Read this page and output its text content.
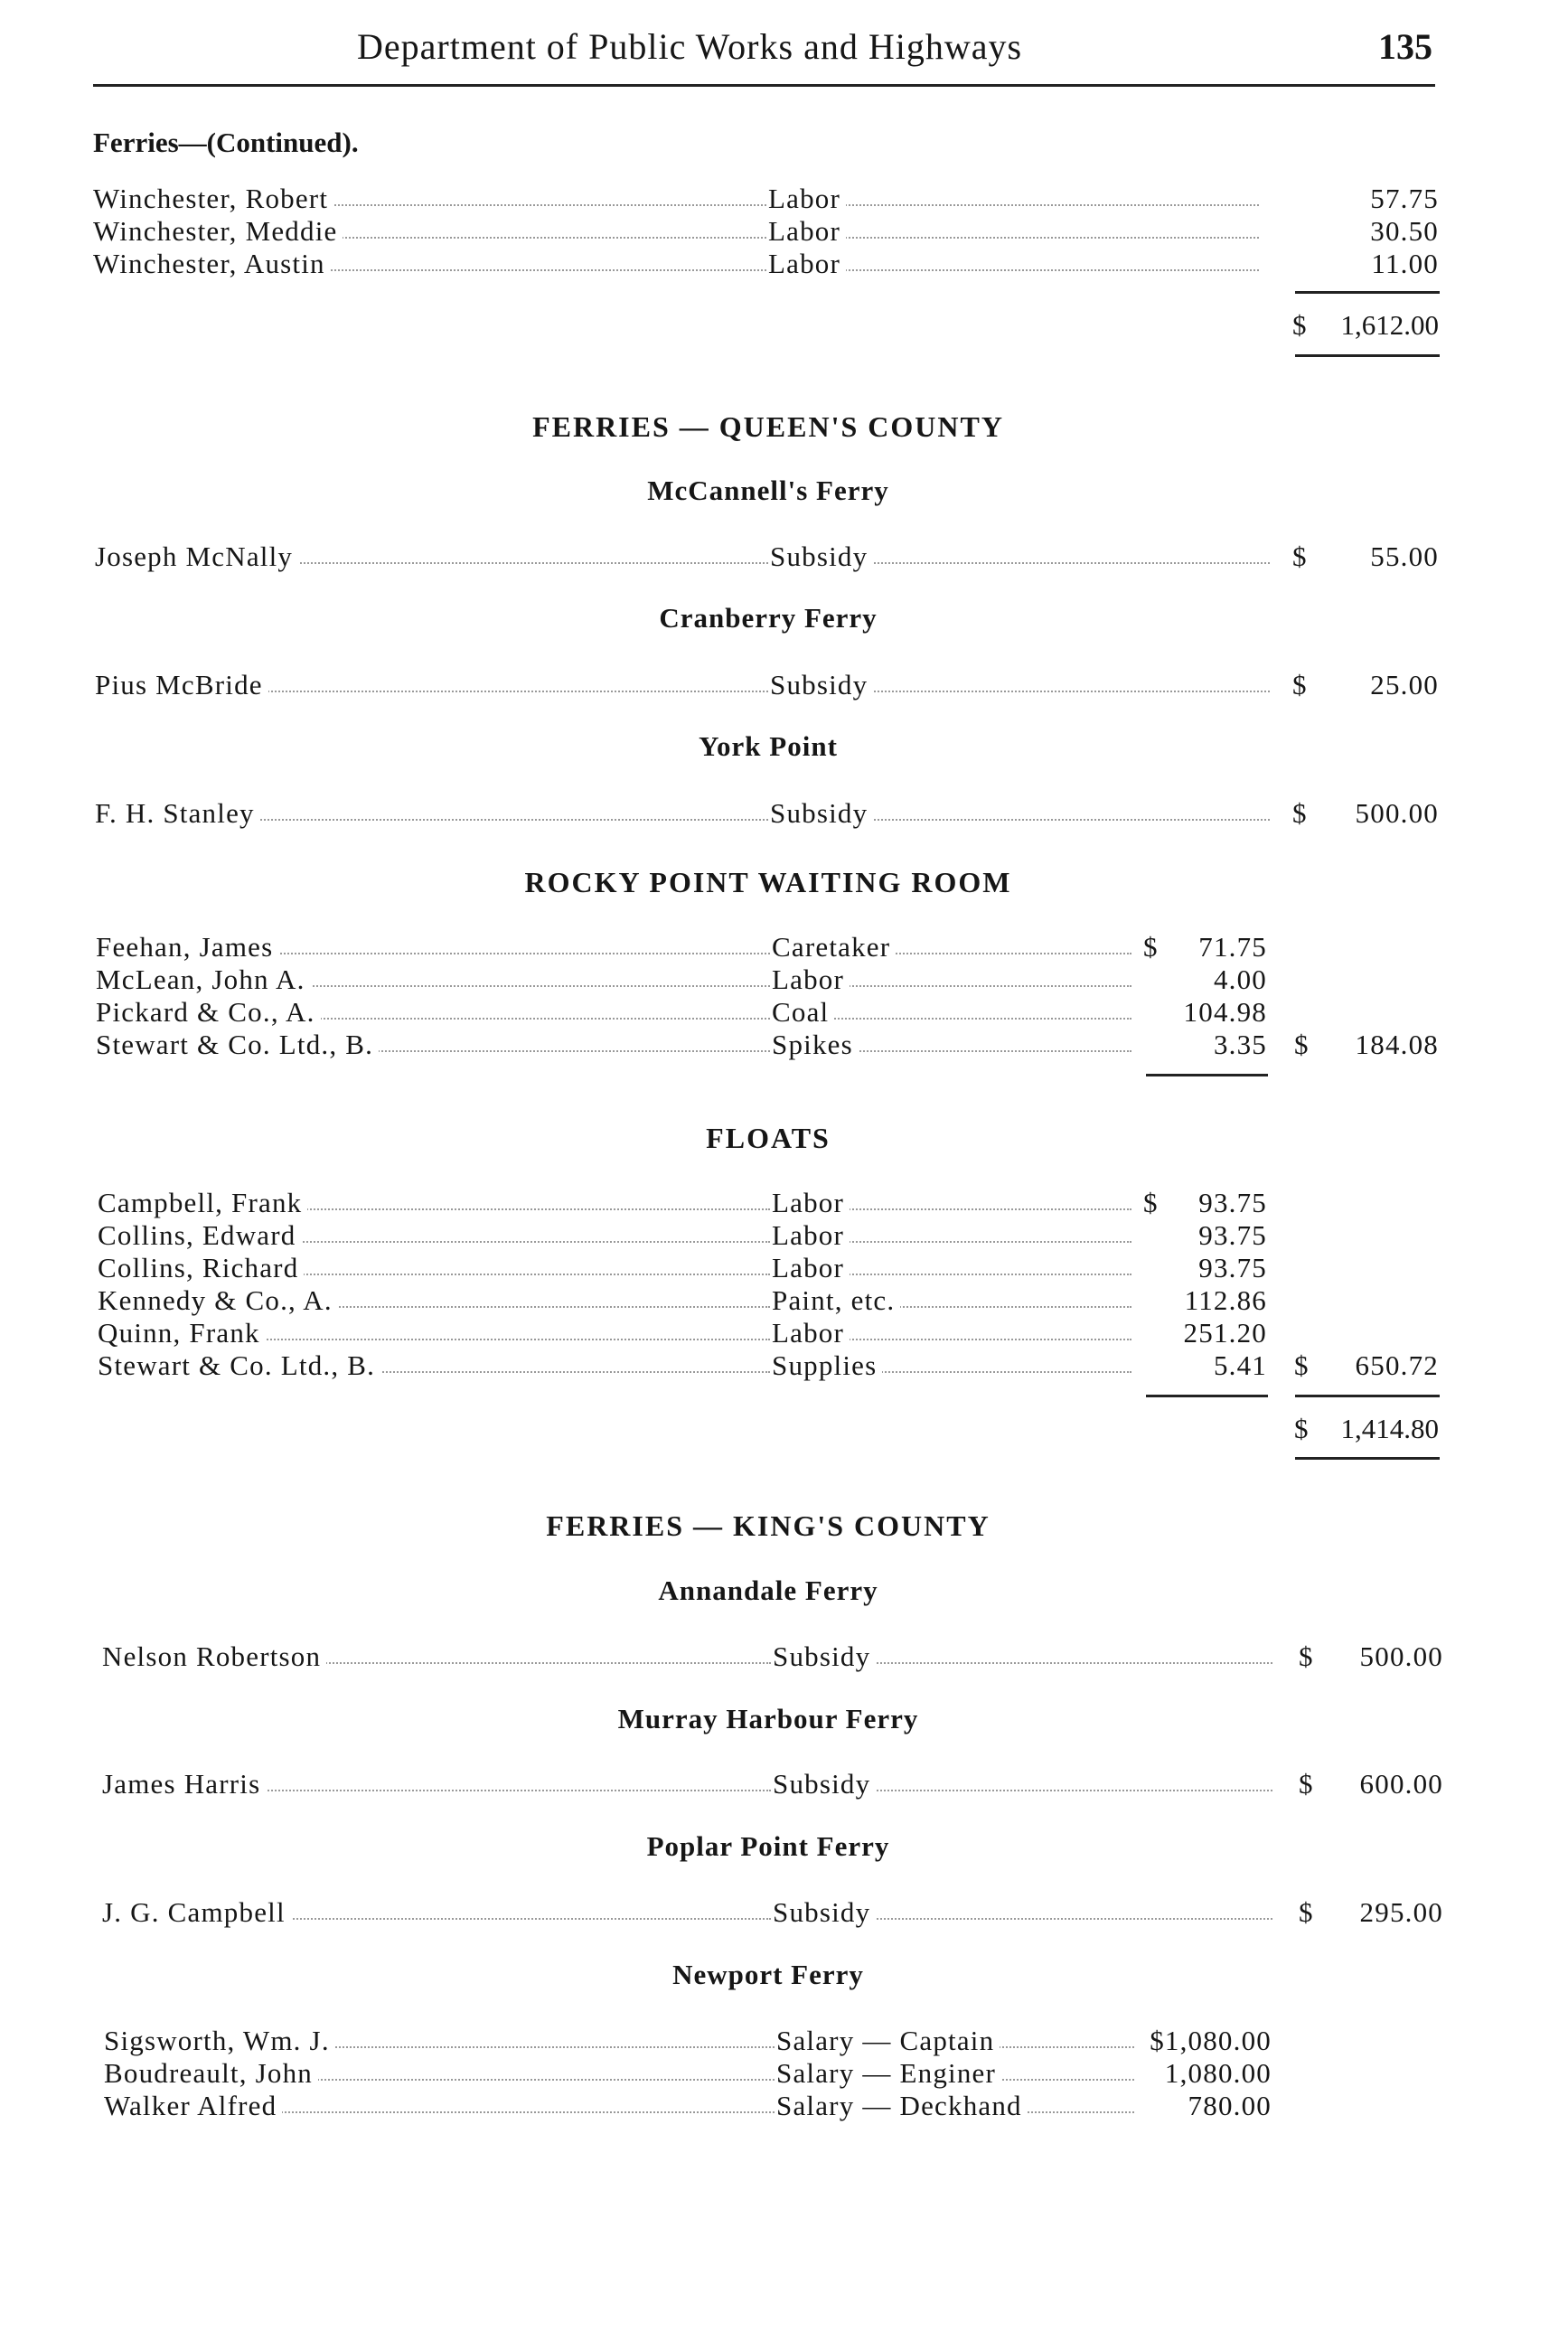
Department of Public Works and Highways	135
Ferries—(Continued).
Winchester, Robert	Labor	57.75
Winchester, Meddie	Labor	30.50
Winchester, Austin	Labor	11.00
$	1,612.00
FERRIES — QUEEN'S COUNTY
McCannell's Ferry
Joseph McNally	Subsidy	$	55.00
Cranberry Ferry
Pius McBride	Subsidy	$	25.00
York Point
F. H. Stanley	Subsidy	$	500.00
ROCKY POINT WAITING ROOM
Feehan, James	Caretaker	$	71.75
McLean, John A.	Labor	4.00
Pickard & Co., A.	Coal	104.98
Stewart & Co. Ltd., B.	Spikes	3.35 $	184.08
FLOATS
Campbell, Frank	Labor	$	93.75
Collins, Edward	Labor	93.75
Collins, Richard	Labor	93.75
Kennedy & Co., A.	Paint, etc.	112.86
Quinn, Frank	Labor	251.20
Stewart & Co. Ltd., B.	Supplies	5.41 $	650.72
$	1,414.80
FERRIES — KING'S COUNTY
Annandale Ferry
Nelson Robertson	Subsidy	$	500.00
Murray Harbour Ferry
James Harris	Subsidy	$	600.00
Poplar Point Ferry
J. G. Campbell	Subsidy	$	295.00
Newport Ferry
Sigsworth, Wm. J.	Salary — Captain	$1,080.00
Boudreault, John	Salary — Enginer	1,080.00
Walker Alfred	Salary — Deckhand	780.00
